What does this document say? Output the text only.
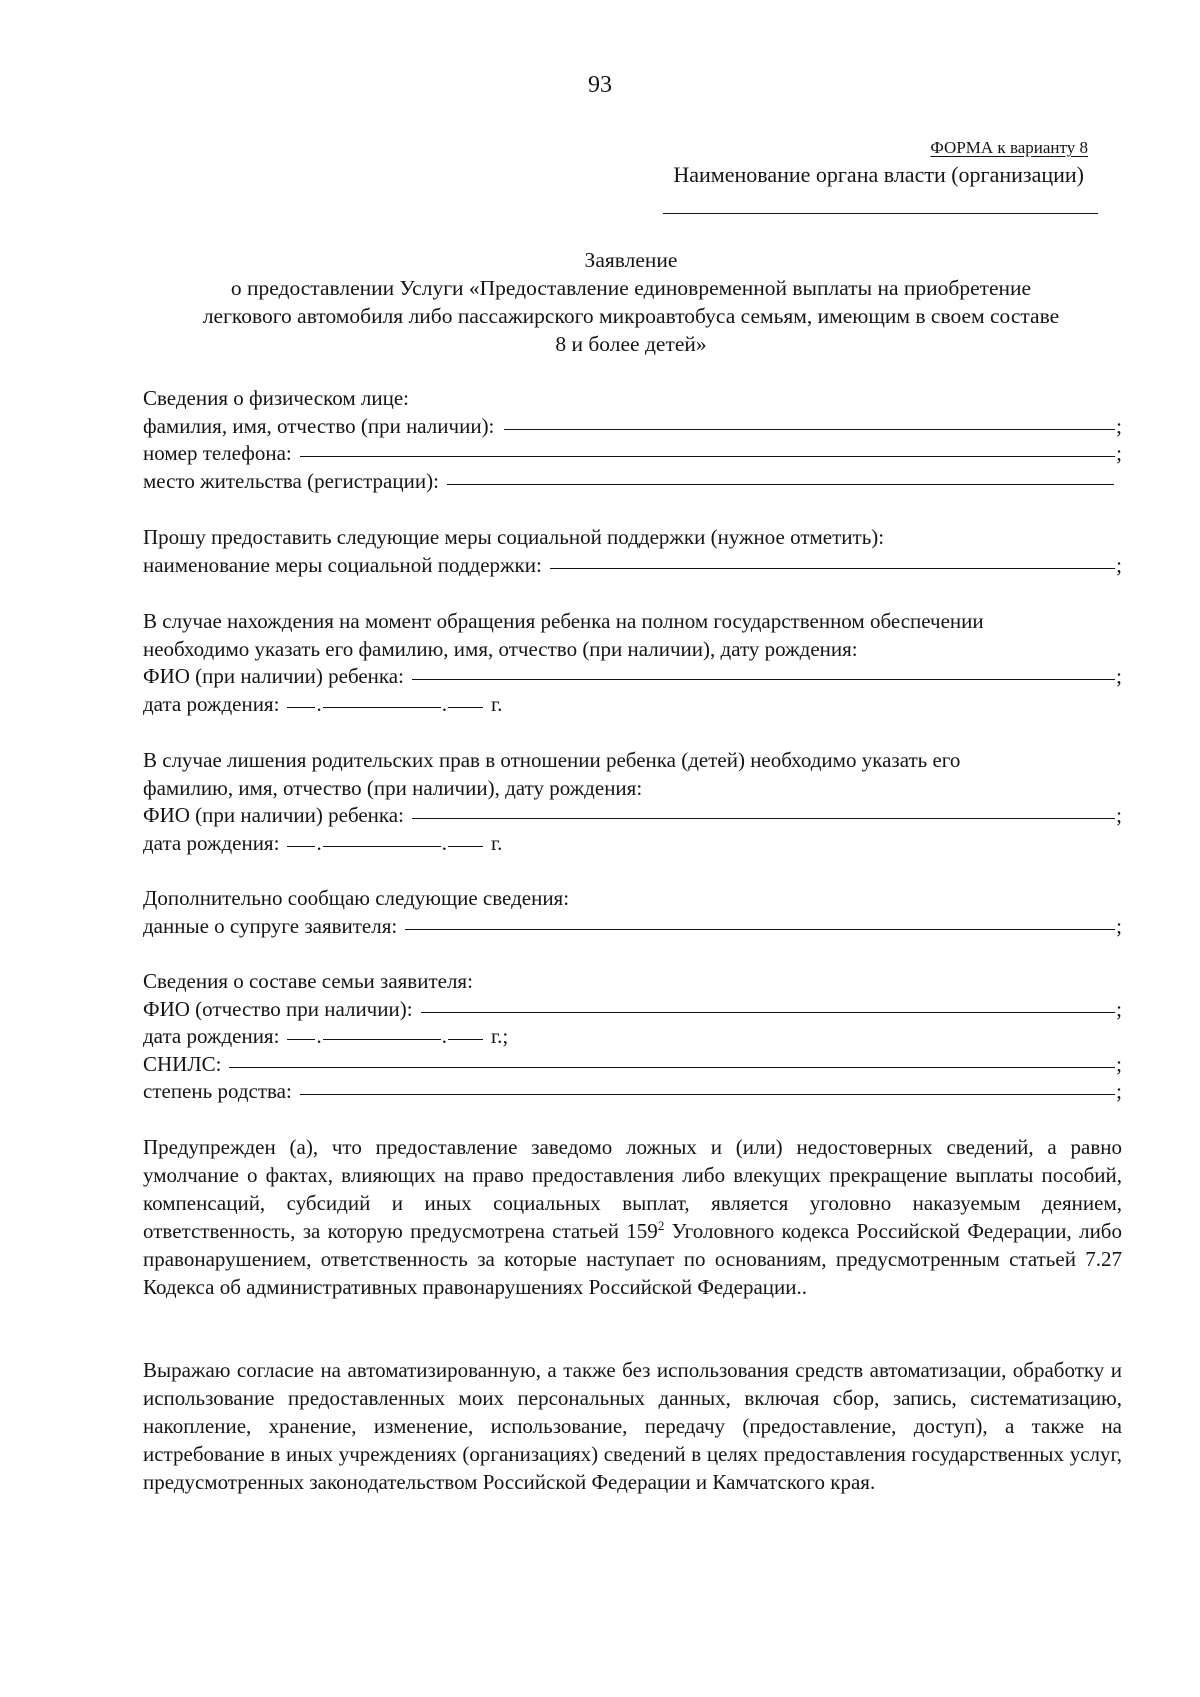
93
ФОРМА к варианту 8
Наименование органа власти (организации)
Заявление
о предоставлении Услуги «Предоставление единовременной выплаты на приобретение
легкового автомобиля либо пассажирского микроавтобуса семьям, имеющим в своем составе
8 и более детей»
Сведения о физическом лице:
фамилия, имя, отчество (при наличии):	;
номер телефона:	;
место жительства (регистрации):
Прошу предоставить следующие меры социальной поддержки (нужное отметить):
наименование меры социальной поддержки:	;
В случае нахождения на момент обращения ребенка на полном государственном обеспечении
необходимо указать его фамилию, имя, отчество (при наличии), дату рождения:
ФИО (при наличии) ребенка:	;
дата рождения: .	. г.
В случае лишения родительских прав в отношении ребенка (детей) необходимо указать его
фамилию, имя, отчество (при наличии), дату рождения:
ФИО (при наличии) ребенка:	;
дата рождения: .	. г.
Дополнительно сообщаю следующие сведения:
данные о супруге заявителя:	;
Сведения о составе семьи заявителя:
ФИО (отчество при наличии):	;
дата рождения: .	. г.;
СНИЛС:	;
степень родства:	;
Предупрежден (а), что предоставление заведомо ложных и (или) недостоверных сведений, а равно умолчание о фактах, влияющих на право предоставления либо влекущих прекращение выплаты пособий, компенсаций, субсидий и иных социальных выплат, является уголовно наказуемым деянием, ответственность, за которую предусмотрена статьей $159^2$ Уголовного кодекса Российской Федерации, либо правонарушением, ответственность за которые наступает по основаниям, предусмотренным статьей 7.27 Кодекса об административных правонарушениях Российской Федерации..
Выражаю согласие на автоматизированную, а также без использования средств автоматизации, обработку и использование предоставленных моих персональных данных, включая сбор, запись, систематизацию, накопление, хранение, изменение, использование, передачу (предоставление, доступ), а также на истребование в иных учреждениях (организациях) сведений в целях предоставления государственных услуг, предусмотренных законодательством Российской Федерации и Камчатского края.
